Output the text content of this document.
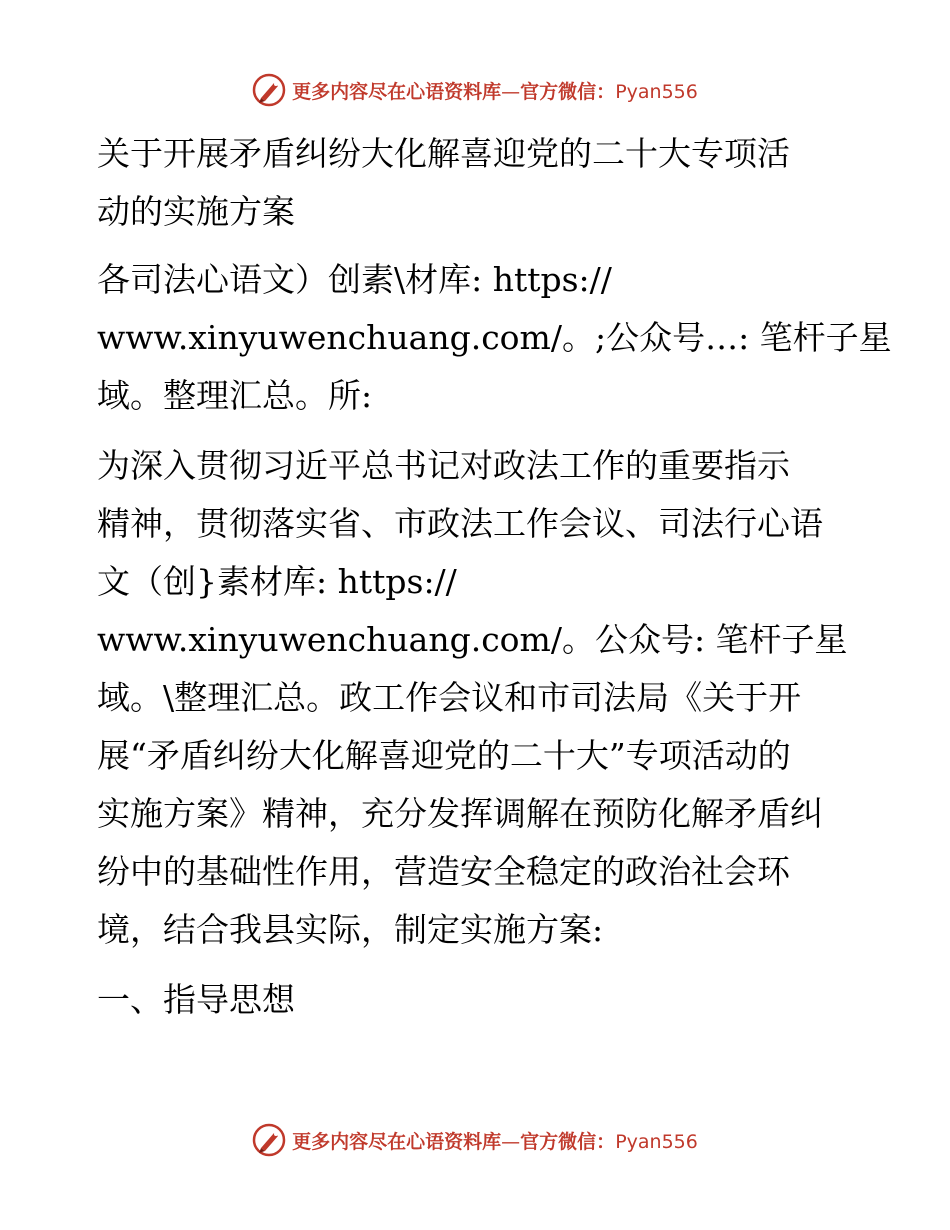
更多内容尽在心语资料库—官方微信：Pyan556

关于开展矛盾纠纷大化解喜迎党的二十大专项活
动的实施方案

各司法心语文）创素\材库: https://
www.xinyuwenchuang.com/。;公众号…: 笔杆子星
域。整理汇总。所:

为深入贯彻习近平总书记对政法工作的重要指示
精神，贯彻落实省、市政法工作会议、司法行心语
文（创}素材库: https://
www.xinyuwenchuang.com/。公众号: 笔杆子星
域。\整理汇总。政工作会议和市司法局《关于开
展“矛盾纠纷大化解喜迎党的二十大”专项活动的
实施方案》精神，充分发挥调解在预防化解矛盾纠
纷中的基础性作用，营造安全稳定的政治社会环
境，结合我县实际，制定实施方案:

一、指导思想

更多内容尽在心语资料库—官方微信：Pyan556
